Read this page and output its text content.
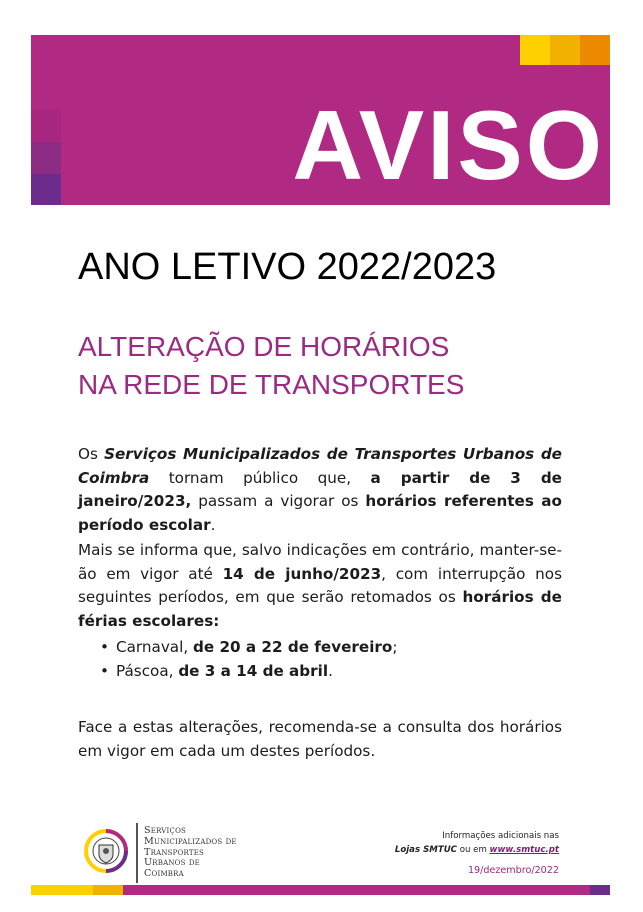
AVISO
ANO LETIVO 2022/2023
ALTERAÇÃO DE HORÁRIOS
NA REDE DE TRANSPORTES
Os Serviços Municipalizados de Transportes Urbanos de Coimbra tornam público que, a partir de 3 de janeiro/2023, passam a vigorar os horários referentes ao período escolar.
Mais se informa que, salvo indicações em contrário, manter-se-ão em vigor até 14 de junho/2023, com interrupção nos seguintes períodos, em que serão retomados os horários de férias escolares:
• Carnaval, de 20 a 22 de fevereiro;
• Páscoa, de 3 a 14 de abril.
Face a estas alterações, recomenda-se a consulta dos horários em vigor em cada um destes períodos.
Serviços
Municipalizados de
Transportes
Urbanos de
Coimbra
Informações adicionais nas
Lojas SMTUC ou em www.smtuc.pt
19/dezembro/2022
